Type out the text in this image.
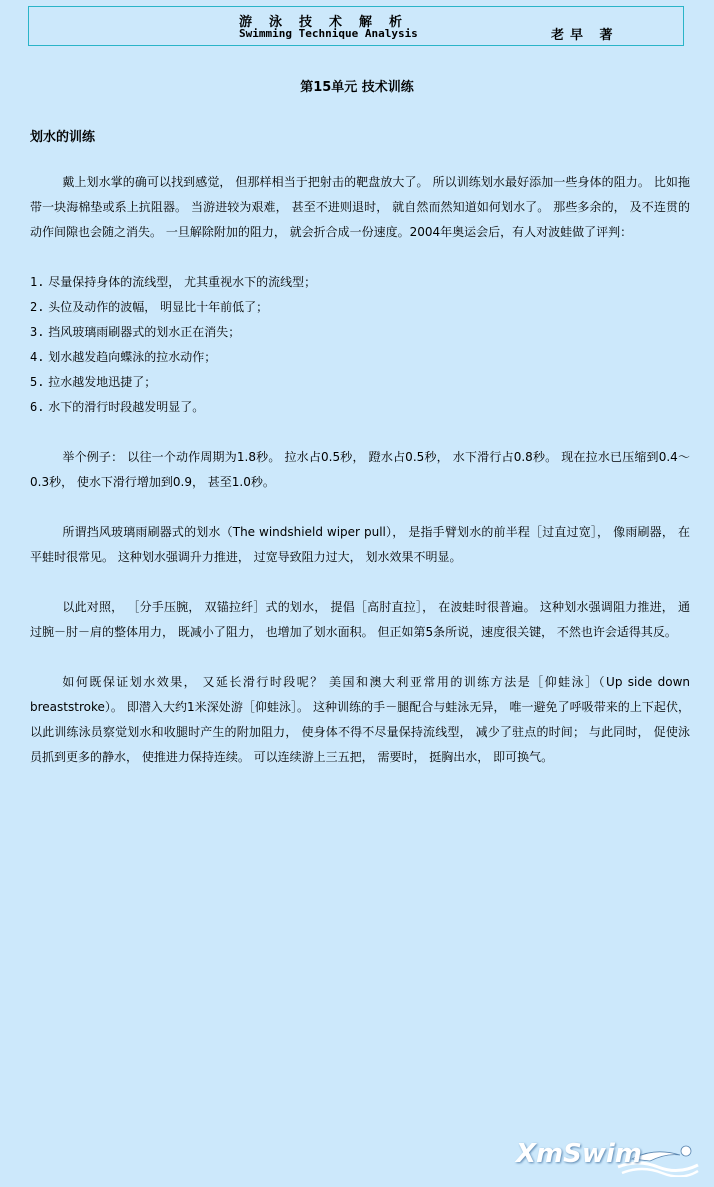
游泳技术解析
Swimming Technique Analysis	老早 著
第15单元 技术训练
划水的训练

戴上划水掌的确可以找到感觉， 但那样相当于把射击的靶盘放大了。 所以训练划水最好添加一些身体的阻力。 比如拖带一块海棉垫或系上抗阻器。 当游进较为艰难， 甚至不进则退时， 就自然而然知道如何划水了。 那些多余的， 及不连贯的动作间隙也会随之消失。 一旦解除附加的阻力， 就会折合成一份速度。2004年奥运会后，有人对波蛙做了评判：

1. 尽量保持身体的流线型， 尤其重视水下的流线型；
2. 头位及动作的波幅， 明显比十年前低了；
3. 挡风玻璃雨刷器式的划水正在消失；
4. 划水越发趋向蝶泳的拉水动作；
5. 拉水越发地迅捷了；
6. 水下的滑行时段越发明显了。

举个例子： 以往一个动作周期为1.8秒。 拉水占0.5秒， 蹬水占0.5秒， 水下滑行占0.8秒。 现在拉水已压缩到0.4～0.3秒， 使水下滑行增加到0.9， 甚至1.0秒。

所谓挡风玻璃雨刷器式的划水（The windshield wiper pull）， 是指手臂划水的前半程［过直过宽］， 像雨刷器， 在平蛙时很常见。 这种划水强调升力推进， 过宽导致阻力过大， 划水效果不明显。

以此对照， ［分手压腕， 双锚拉纤］式的划水， 提倡［高肘直拉］， 在波蛙时很普遍。 这种划水强调阻力推进， 通过腕－肘－肩的整体用力， 既减小了阻力， 也增加了划水面积。 但正如第5条所说，速度很关键， 不然也许会适得其反。

如何既保证划水效果， 又延长滑行时段呢？ 美国和澳大利亚常用的训练方法是［仰蛙泳］（Up side down breaststroke）。 即潜入大约1米深处游［仰蛙泳］。 这种训练的手－腿配合与蛙泳无异， 唯一避免了呼吸带来的上下起伏， 以此训练泳员察觉划水和收腿时产生的附加阻力， 使身体不得不尽量保持流线型， 减少了驻点的时间； 与此同时， 促使泳员抓到更多的静水， 使推进力保持连续。 可以连续游上三五把， 需要时， 挺胸出水， 即可换气。

XmSwim
